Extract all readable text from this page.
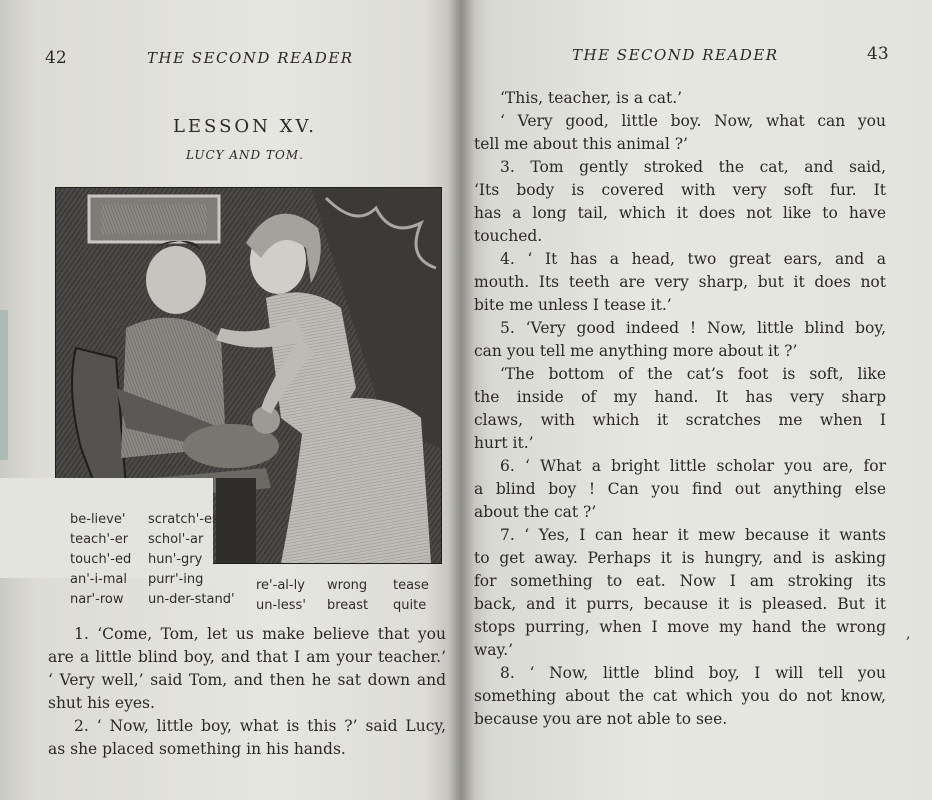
42	THE SECOND READER
LESSON XV.
LUCY AND TOM.
be-lieve'
teach'-er
touch'-ed
an'-i-mal
nar'-row
scratch'-es
schol'-ar
hun'-gry
purr'-ing
un-der-stand'
re'-al-ly
un-less'
wrong
breast
tease
quite
1. ‘Come, Tom, let us make believe that you
are a little blind boy, and that I am your teacher.’
‘ Very well,’ said Tom, and then he sat down and
shut his eyes.
2. ‘ Now, little boy, what is this ?’ said Lucy,
as she placed something in his hands.
THE SECOND READER	43
‘This, teacher, is a cat.’
‘ Very good, little boy. Now, what can you
tell me about this animal ?’
3. Tom gently stroked the cat, and said,
‘Its body is covered with very soft fur. It
has a long tail, which it does not like to have
touched.
4. ‘ It has a head, two great ears, and a
mouth. Its teeth are very sharp, but it does not
bite me unless I tease it.’
5. ‘Very good indeed ! Now, little blind boy,
can you tell me anything more about it ?’
‘The bottom of the cat’s foot is soft, like
the inside of my hand. It has very sharp
claws, with which it scratches me when I
hurt it.’
6. ‘ What a bright little scholar you are, for
a blind boy ! Can you find out anything else
about the cat ?’
7. ‘ Yes, I can hear it mew because it wants
to get away. Perhaps it is hungry, and is asking
for something to eat. Now I am stroking its
back, and it purrs, because it is pleased. But it
stops purring, when I move my hand the wrong
way.’
8. ‘ Now, little blind boy, I will tell you
something about the cat which you do not know,
because you are not able to see.
,
